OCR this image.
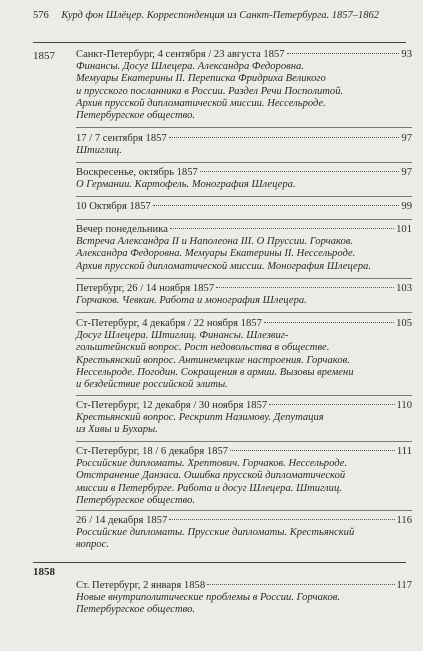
576 Курд фон Шлёцер. Корреспонденция из Санкт-Петербурга. 1857–1862
1857 Санкт-Петербург, 4 сентября / 23 августа 1857	93
Финансы. Досуг Шлецера. Александра Федоровна.
Мемуары Екатерины II. Переписка Фридриха Великого
и прусского посланника в России. Раздел Речи Посполитой.
Архив прусской дипломатической миссии. Нессельроде.
Петербургское общество.
17 / 7 сентября 1857	97
Штиглиц.
Воскресенье, октябрь 1857	97
О Германии. Картофель. Монография Шлецера.
10 Октября 1857	99
Вечер понедельника	101
Встреча Александра II и Наполеона III. О Пруссии. Горчаков.
Александра Федоровна. Мемуары Екатерины II. Нессельроде.
Архив прусской дипломатической миссии. Монография Шлецера.
Петербург, 26 / 14 ноября 1857	103
Горчаков. Чевкин. Работа и монография Шлецера.
Ст-Петербург, 4 декабря / 22 ноября 1857	105
Досуг Шлецера. Штиглиц. Финансы. Шлезвиг-
гольштейнский вопрос. Рост недовольства в обществе.
Крестьянский вопрос. Антинемецкие настроения. Горчаков.
Нессельроде. Погодин. Сокращения в армии. Вызовы времени
и бездействие российской элиты.
Ст-Петербург, 12 декабря / 30 ноября 1857	110
Крестьянский вопрос. Рескрипт Назимову. Депутация
из Хивы и Бухары.
Ст-Петербург, 18 / 6 декабря 1857	111
Российские дипломаты. Хрептович. Горчаков. Нессельроде.
Отстранение Данзаса. Ошибка прусской дипломатической
миссии в Петербурге. Работа и досуг Шлецера. Штиглиц.
Петербургское общество.
26 / 14 декабря 1857	116
Российские дипломаты. Прусские дипломаты. Крестьянский
вопрос.
1858
Ст. Петербург, 2 января 1858	117
Новые внутриполитические проблемы в России. Горчаков.
Петербургское общество.
